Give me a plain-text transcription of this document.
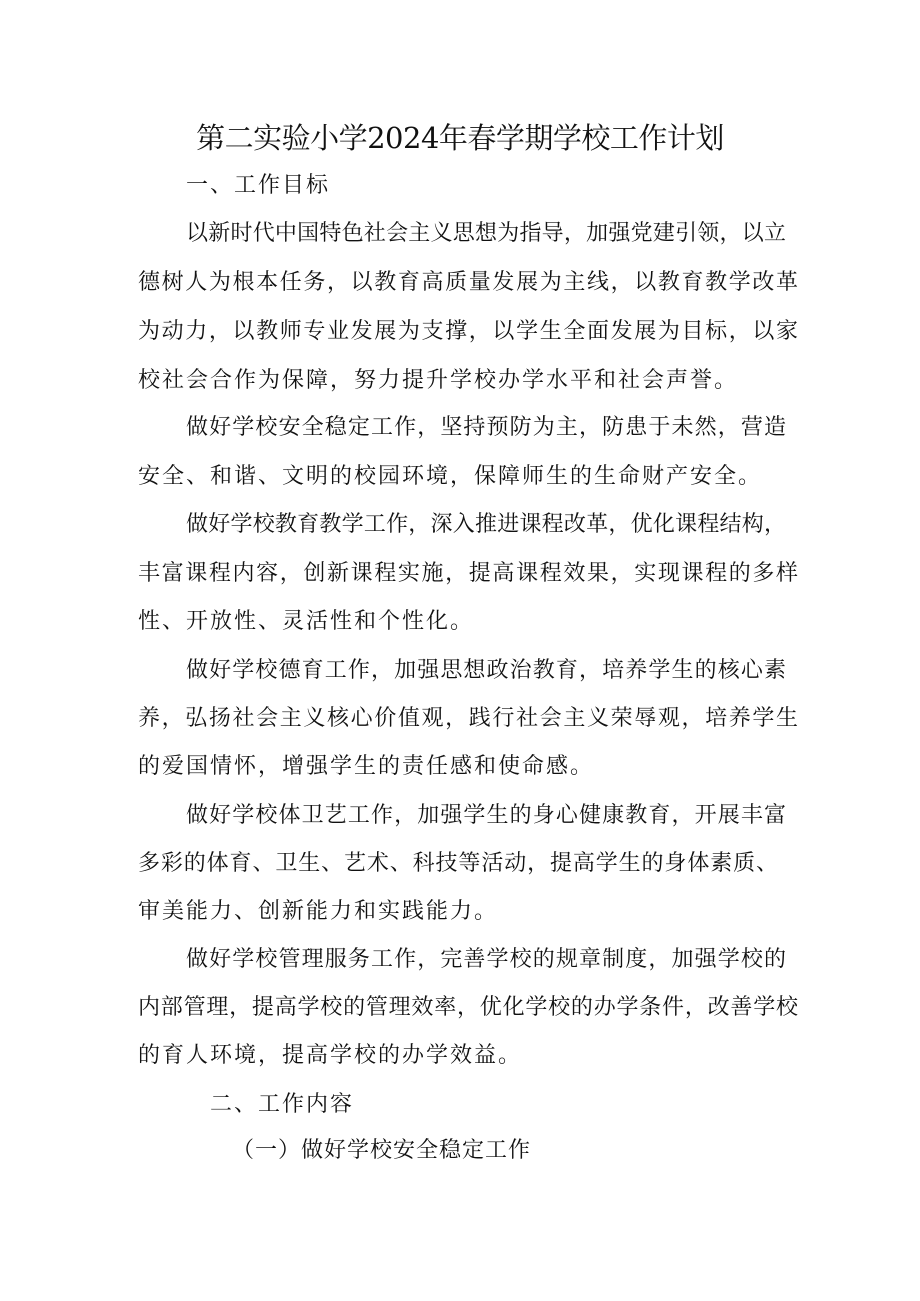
第二实验小学2024年春学期学校工作计划
一、工作目标
以新时代中国特色社会主义思想为指导，加强党建引领，以立
德树人为根本任务，以教育高质量发展为主线，以教育教学改革
为动力，以教师专业发展为支撑，以学生全面发展为目标，以家
校社会合作为保障，努力提升学校办学水平和社会声誉。
做好学校安全稳定工作，坚持预防为主，防患于未然，营造
安全、和谐、文明的校园环境，保障师生的生命财产安全。
做好学校教育教学工作，深入推进课程改革，优化课程结构，
丰富课程内容，创新课程实施，提高课程效果，实现课程的多样
性、开放性、灵活性和个性化。
做好学校德育工作，加强思想政治教育，培养学生的核心素
养，弘扬社会主义核心价值观，践行社会主义荣辱观，培养学生
的爱国情怀，增强学生的责任感和使命感。
做好学校体卫艺工作，加强学生的身心健康教育，开展丰富
多彩的体育、卫生、艺术、科技等活动，提高学生的身体素质、
审美能力、创新能力和实践能力。
做好学校管理服务工作，完善学校的规章制度，加强学校的
内部管理，提高学校的管理效率，优化学校的办学条件，改善学校
的育人环境，提高学校的办学效益。
二、工作内容
（一）做好学校安全稳定工作
